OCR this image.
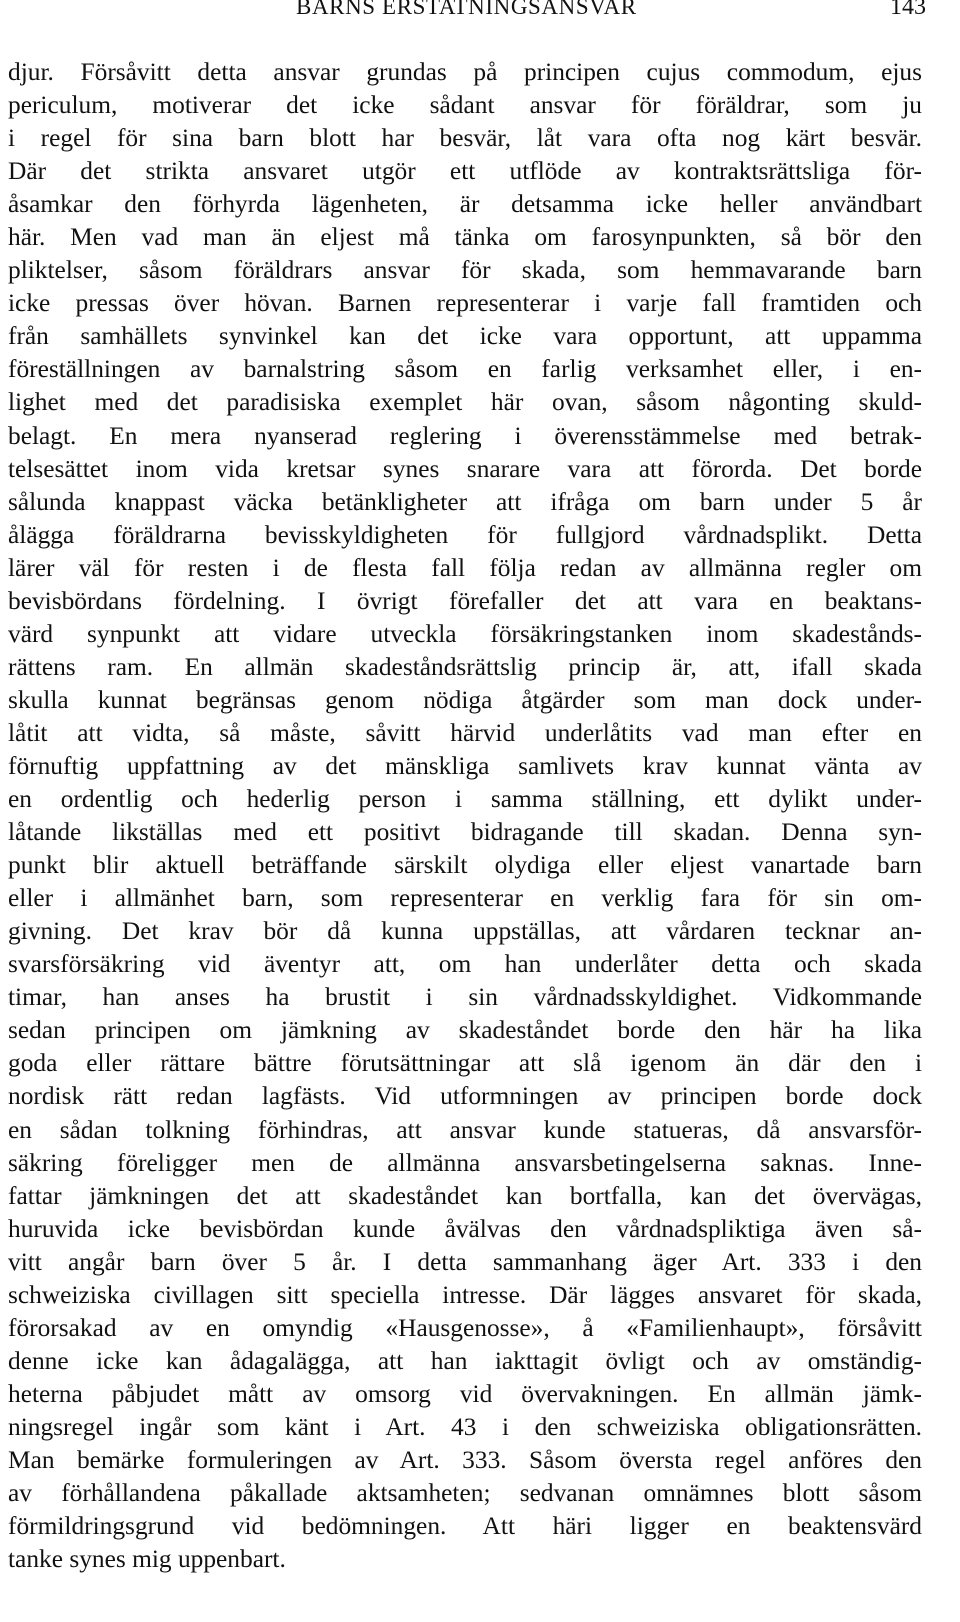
BARNS ERSTATNINGSANSVAR	143
djur. Försåvitt detta ansvar grundas på principen cujus commodum, ejus
periculum, motiverar det icke sådant ansvar för föräldrar, som ju
i regel för sina barn blott har besvär, låt vara ofta nog kärt besvär.
Där det strikta ansvaret utgör ett utflöde av kontraktsrättsliga för-
åsamkar den förhyrda lägenheten, är detsamma icke heller användbart
här. Men vad man än eljest må tänka om farosynpunkten, så bör den
pliktelser, såsom föräldrars ansvar för skada, som hemmavarande barn
icke pressas över hövan. Barnen representerar i varje fall framtiden och
från samhällets synvinkel kan det icke vara opportunt, att uppamma
föreställningen av barnalstring såsom en farlig verksamhet eller, i en-
lighet med det paradisiska exemplet här ovan, såsom någonting skuld-
belagt. En mera nyanserad reglering i överensstämmelse med betrak-
telsesättet inom vida kretsar synes snarare vara att förorda. Det borde
sålunda knappast väcka betänkligheter att ifråga om barn under 5 år
ålägga föräldrarna bevisskyldigheten för fullgjord vårdnadsplikt. Detta
lärer väl för resten i de flesta fall följa redan av allmänna regler om
bevisbördans fördelning. I övrigt förefaller det att vara en beaktans-
värd synpunkt att vidare utveckla försäkringstanken inom skadestånds-
rättens ram. En allmän skadeståndsrättslig princip är, att, ifall skada
skulla kunnat begränsas genom nödiga åtgärder som man dock under-
låtit att vidta, så måste, såvitt härvid underlåtits vad man efter en
förnuftig uppfattning av det mänskliga samlivets krav kunnat vänta av
en ordentlig och hederlig person i samma ställning, ett dylikt under-
låtande likställas med ett positivt bidragande till skadan. Denna syn-
punkt blir aktuell beträffande särskilt olydiga eller eljest vanartade barn
eller i allmänhet barn, som representerar en verklig fara för sin om-
givning. Det krav bör då kunna uppställas, att vårdaren tecknar an-
svarsförsäkring vid äventyr att, om han underlåter detta och skada
timar, han anses ha brustit i sin vårdnadsskyldighet. Vidkommande
sedan principen om jämkning av skadeståndet borde den här ha lika
goda eller rättare bättre förutsättningar att slå igenom än där den i
nordisk rätt redan lagfästs. Vid utformningen av principen borde dock
en sådan tolkning förhindras, att ansvar kunde statueras, då ansvarsför-
säkring föreligger men de allmänna ansvarsbetingelserna saknas. Inne-
fattar jämkningen det att skadeståndet kan bortfalla, kan det övervägas,
huruvida icke bevisbördan kunde åvälvas den vårdnadspliktiga även så-
vitt angår barn över 5 år. I detta sammanhang äger Art. 333 i den
schweiziska civillagen sitt speciella intresse. Där lägges ansvaret för skada,
förorsakad av en omyndig «Hausgenosse», å «Familienhaupt», försåvitt
denne icke kan ådagalägga, att han iakttagit övligt och av omständig-
heterna påbjudet mått av omsorg vid övervakningen. En allmän jämk-
ningsregel ingår som känt i Art. 43 i den schweiziska obligationsrätten.
Man bemärke formuleringen av Art. 333. Såsom översta regel anföres den
av förhållandena påkallade aktsamheten; sedvanan omnämnes blott såsom
förmildringsgrund vid bedömningen. Att häri ligger en beaktensvärd
tanke synes mig uppenbart.
